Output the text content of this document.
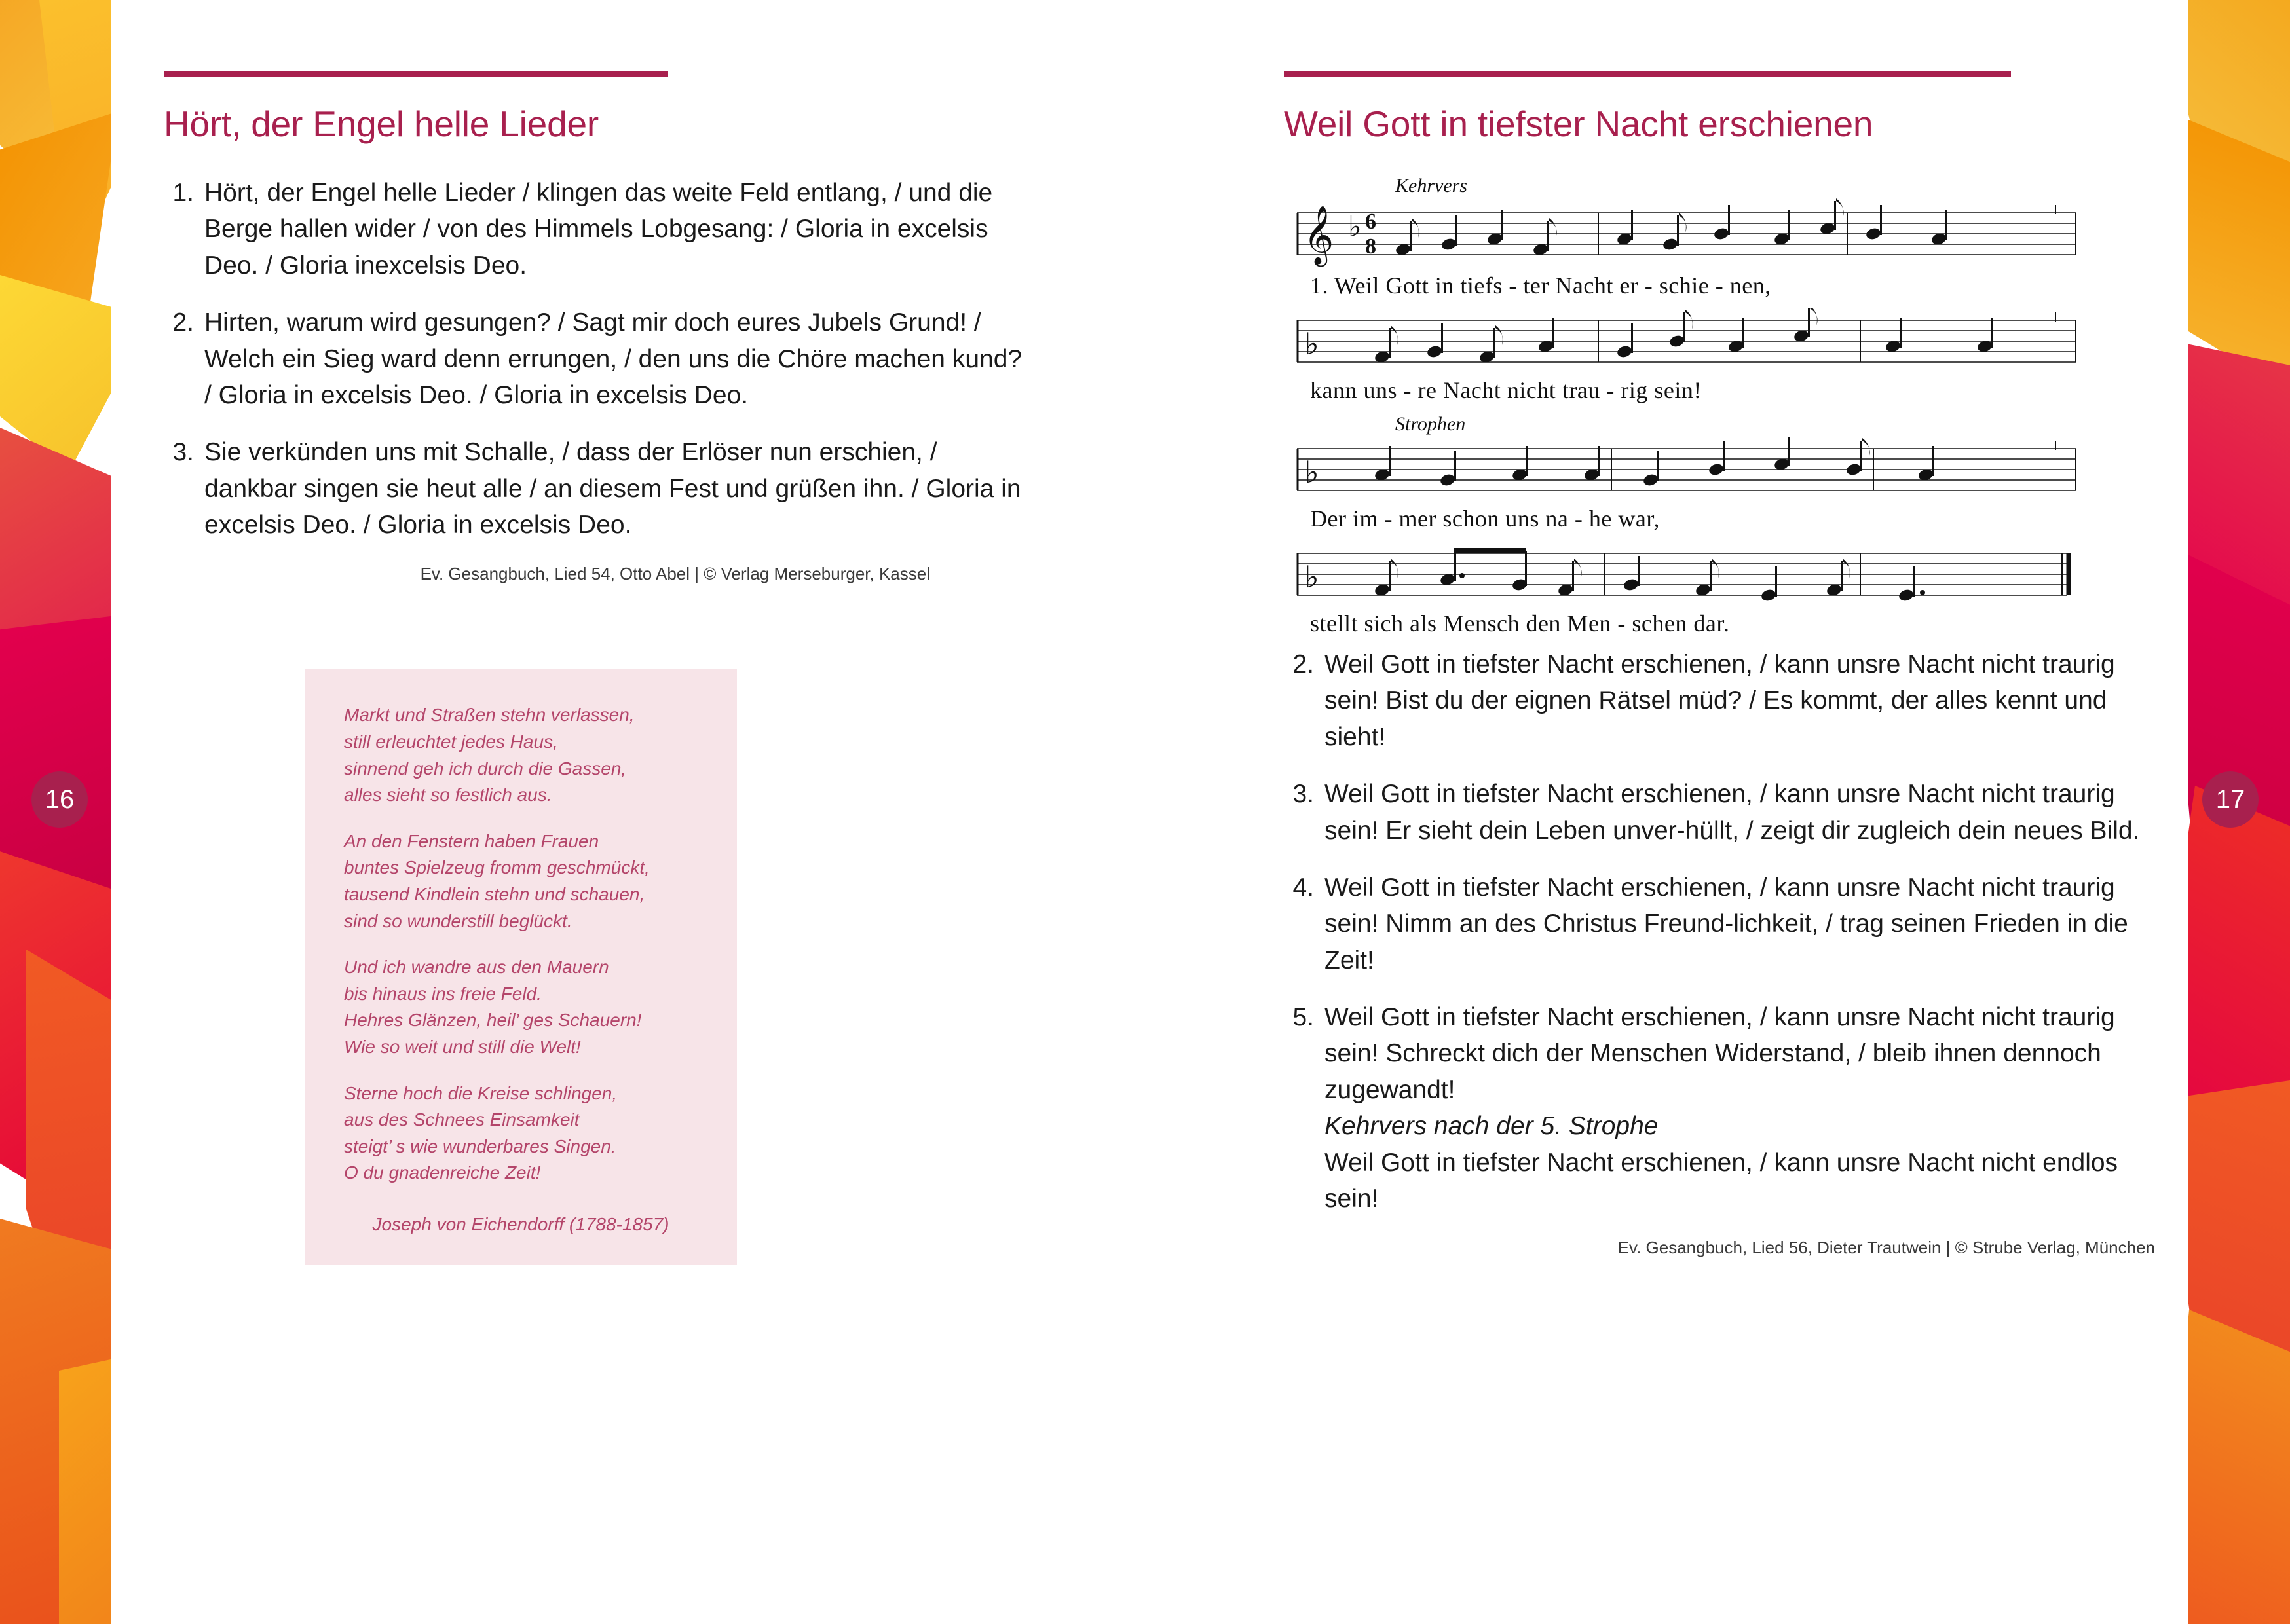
16	17
Hört, der Engel helle Lieder
1. Hört, der Engel helle Lieder / klingen das weite Feld entlang, / und die Berge hallen wider / von des Himmels Lobgesang: / Gloria in excelsis Deo. / Gloria inexcelsis Deo.
2. Hirten, warum wird gesungen? / Sagt mir doch eures Jubels Grund! / Welch ein Sieg ward denn errungen, / den uns die Chöre machen kund? / Gloria in excelsis Deo. / Gloria in excelsis Deo.
3. Sie verkünden uns mit Schalle, / dass der Erlöser nun erschien, / dankbar singen sie heut alle / an diesem Fest und grüßen ihn. / Gloria in excelsis Deo. / Gloria in excelsis Deo.
Ev. Gesangbuch, Lied 54, Otto Abel | © Verlag Merseburger, Kassel

Markt und Straßen stehn verlassen,
still erleuchtet jedes Haus,
sinnend geh ich durch die Gassen,
alles sieht so festlich aus.

An den Fenstern haben Frauen
buntes Spielzeug fromm geschmückt,
tausend Kindlein stehn und schauen,
sind so wunderstill beglückt.

Und ich wandre aus den Mauern
bis hinaus ins freie Feld.
Hehres Glänzen, heil’ ges Schauern!
Wie so weit und still die Welt!

Sterne hoch die Kreise schlingen,
aus des Schnees Einsamkeit
steigt’ s wie wunderbares Singen.
O du gnadenreiche Zeit!

Joseph von Eichendorff (1788-1857)
Weil Gott in tiefster Nacht erschienen
Kehrvers
𝄞 ♭ 6
8
1. Weil Gott in tiefs - ter Nacht er - schie - nen,
♭
kann uns - re Nacht nicht trau - rig sein!
Strophen
♭
Der im - mer schon uns na - he war,
♭
stellt sich als Mensch den Men - schen dar.
2. Weil Gott in tiefster Nacht erschienen, / kann unsre Nacht nicht traurig sein! Bist du der eignen Rätsel müd? / Es kommt, der alles kennt und sieht!
3. Weil Gott in tiefster Nacht erschienen, / kann unsre Nacht nicht traurig sein! Er sieht dein Leben unver-hüllt, / zeigt dir zugleich dein neues Bild.
4. Weil Gott in tiefster Nacht erschienen, / kann unsre Nacht nicht traurig sein! Nimm an des Christus Freund-lichkeit, / trag seinen Frieden in die Zeit!
5. Weil Gott in tiefster Nacht erschienen, / kann unsre Nacht nicht traurig sein! Schreckt dich der Menschen Widerstand, / bleib ihnen dennoch zugewandt!
Kehrvers nach der 5. Strophe
Weil Gott in tiefster Nacht erschienen, / kann unsre Nacht nicht endlos sein!
Ev. Gesangbuch, Lied 56, Dieter Trautwein | © Strube Verlag, München
